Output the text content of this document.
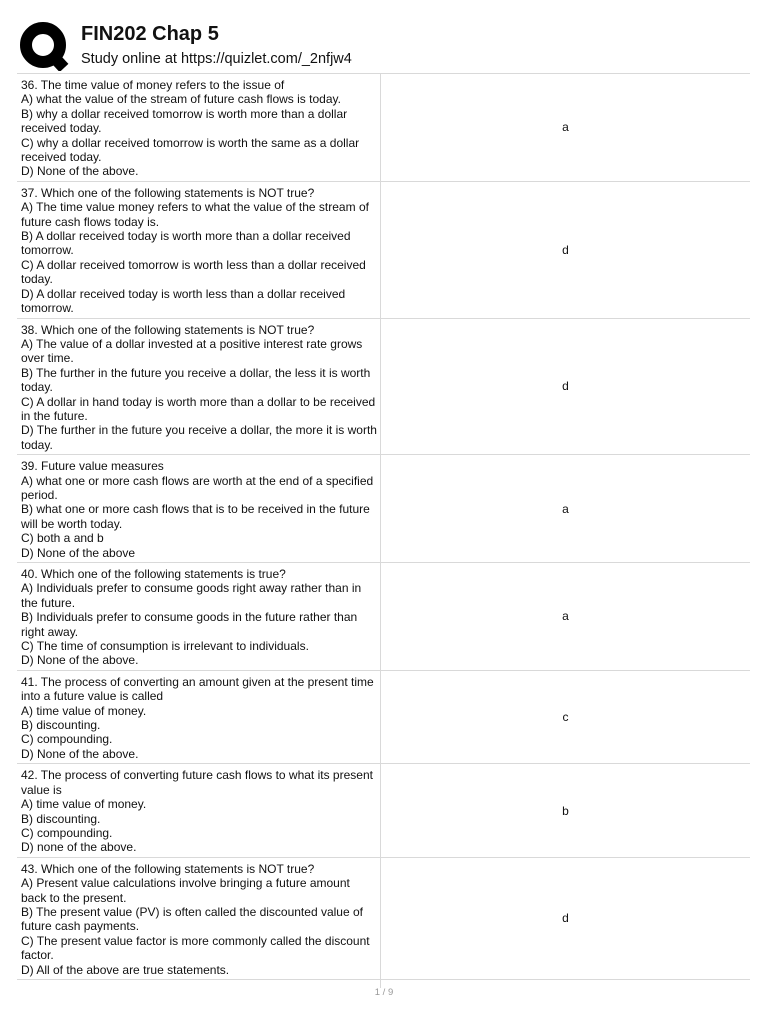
FIN202 Chap 5
Study online at https://quizlet.com/_2nfjw4
36. The time value of money refers to the issue of
A) what the value of the stream of future cash flows is today.
B) why a dollar received tomorrow is worth more than a dollar
received today.
C) why a dollar received tomorrow is worth the same as a dollar
received today.
D) None of the above.
a
37. Which one of the following statements is NOT true?
A) The time value money refers to what the value of the stream of
future cash flows today is.
B) A dollar received today is worth more than a dollar received
tomorrow.
C) A dollar received tomorrow is worth less than a dollar received
today.
D) A dollar received today is worth less than a dollar received
tomorrow.
d
38. Which one of the following statements is NOT true?
A) The value of a dollar invested at a positive interest rate grows
over time.
B) The further in the future you receive a dollar, the less it is worth
today.
C) A dollar in hand today is worth more than a dollar to be received
in the future.
D) The further in the future you receive a dollar, the more it is worth
today.
d
39. Future value measures
A) what one or more cash flows are worth at the end of a specified
period.
B) what one or more cash flows that is to be received in the future
will be worth today.
C) both a and b
D) None of the above
a
40. Which one of the following statements is true?
A) Individuals prefer to consume goods right away rather than in
the future.
B) Individuals prefer to consume goods in the future rather than
right away.
C) The time of consumption is irrelevant to individuals.
D) None of the above.
a
41. The process of converting an amount given at the present time
into a future value is called
A) time value of money.
B) discounting.
C) compounding.
D) None of the above.
c
42. The process of converting future cash flows to what its present
value is
A) time value of money.
B) discounting.
C) compounding.
D) none of the above.
b
43. Which one of the following statements is NOT true?
A) Present value calculations involve bringing a future amount
back to the present.
B) The present value (PV) is often called the discounted value of
future cash payments.
C) The present value factor is more commonly called the discount
factor.
D) All of the above are true statements.
d
1 / 9
